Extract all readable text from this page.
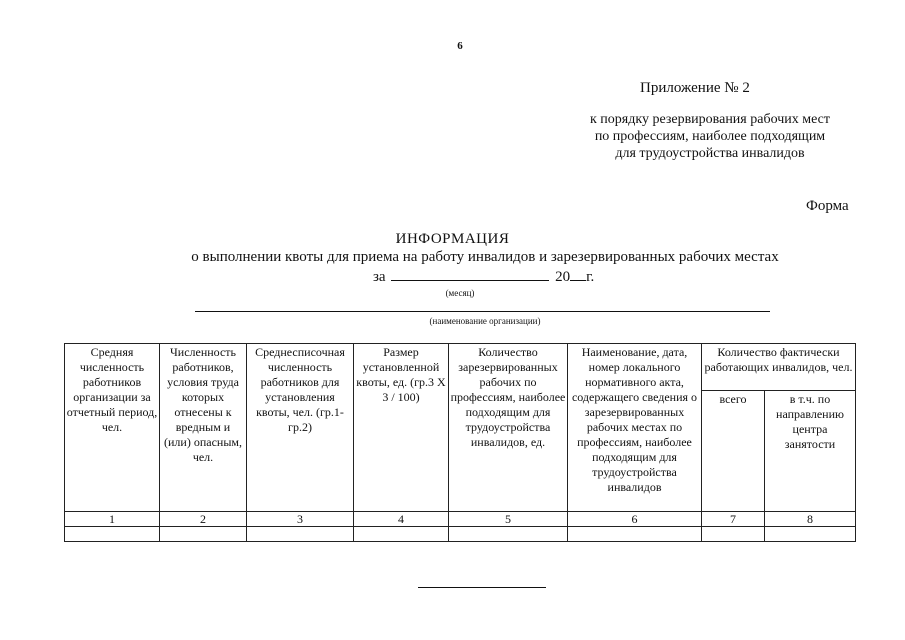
6
Приложение № 2
к порядку резервирования рабочих мест
по профессиям, наиболее подходящим
для трудоустройства инвалидов
Форма
ИНФОРМАЦИЯ
о выполнении квоты для приема на работу инвалидов и зарезервированных рабочих местах
за	20 г.
(месяц)
(наименование организации)
Средняя численность работников организации за отчетный период, чел.	Численность работников, условия труда которых отнесены к вредным и (или) опасным, чел.	Среднесписочная численность работников для установления квоты, чел. (гр.1-гр.2)	Размер установленной квоты, ед. (гр.3 X 3 / 100)	Количество зарезервированных рабочих по профессиям, наиболее подходящим для трудоустройства инвалидов, ед.	Наименование, дата, номер локального нормативного акта, содержащего сведения о зарезервированных рабочих местах по профессиям, наиболее подходящим для трудоустройства инвалидов	Количество фактически работающих инвалидов, чел.	
						всего	в т.ч. по направлению центра занятости
1	2	3	4	5	6	7	8
